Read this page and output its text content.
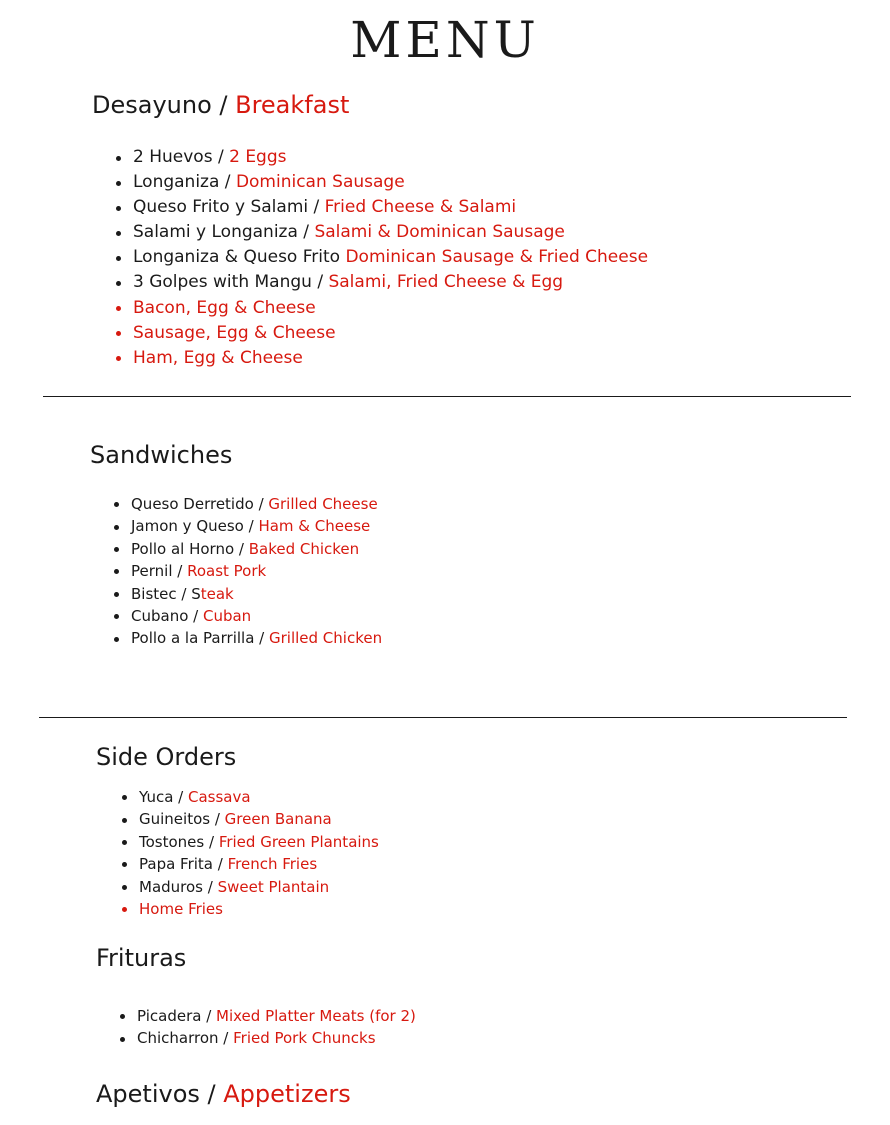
MENU
Desayuno / Breakfast
2 Huevos / 2 Eggs
Longaniza / Dominican Sausage
Queso Frito y Salami / Fried Cheese & Salami
Salami y Longaniza / Salami & Dominican Sausage
Longaniza & Queso Frito Dominican Sausage & Fried Cheese
3 Golpes with Mangu / Salami, Fried Cheese & Egg
Bacon, Egg & Cheese
Sausage, Egg & Cheese
Ham, Egg & Cheese
Sandwiches
Queso Derretido / Grilled Cheese
Jamon y Queso / Ham & Cheese
Pollo al Horno / Baked Chicken
Pernil / Roast Pork
Bistec / Steak
Cubano / Cuban
Pollo a la Parrilla / Grilled Chicken
Side Orders
Yuca / Cassava
Guineitos / Green Banana
Tostones / Fried Green Plantains
Papa Frita / French Fries
Maduros / Sweet Plantain
Home Fries
Frituras
Picadera / Mixed Platter Meats (for 2)
Chicharron / Fried Pork Chuncks
Apetivos / Appetizers
